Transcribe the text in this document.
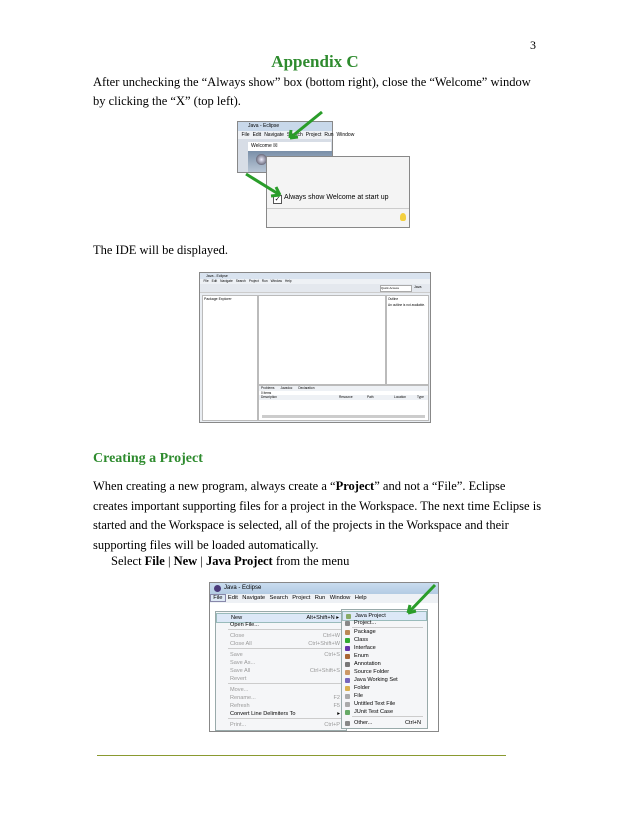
3
Appendix C
After unchecking the “Always show” box (bottom right), close the “Welcome” window by clicking the “X” (top left).
Java - Eclipse
File Edit Navigate Search Project Run Window
Welcome ☒
✓ Always show Welcome at start up
The IDE will be displayed.
Java - Eclipse
File Edit Navigate Search Project Run Window Help
Quick Access	Java
Package Explorer	Outline
An outline is not available.
Problems Javadoc Declaration
0 items
Description	Resource	Path	Location	Type
Creating a Project
When creating a new program, always create a “Project” and not a “File”. Eclipse creates important supporting files for a project in the Workspace. The next time Eclipse is started and the Workspace is selected, all of the projects in the Workspace and their supporting files will be loaded automatically.
Select File | New | Java Project from the menu
Java - Eclipse
File Edit Navigate Search Project Run Window Help
New	Alt+Shift+N ▸
Open File...
Close	Ctrl+W
Close All	Ctrl+Shift+W
Save	Ctrl+S
Save As...
Save All	Ctrl+Shift+S
Revert
Move...
Rename...	F2
Refresh	F5
Convert Line Delimiters To	▸
Print...	Ctrl+P
Java Project
Project...
Package
Class
Interface
Enum
Annotation
Source Folder
Java Working Set
Folder
File
Untitled Text File
JUnit Test Case
Other...	Ctrl+N
